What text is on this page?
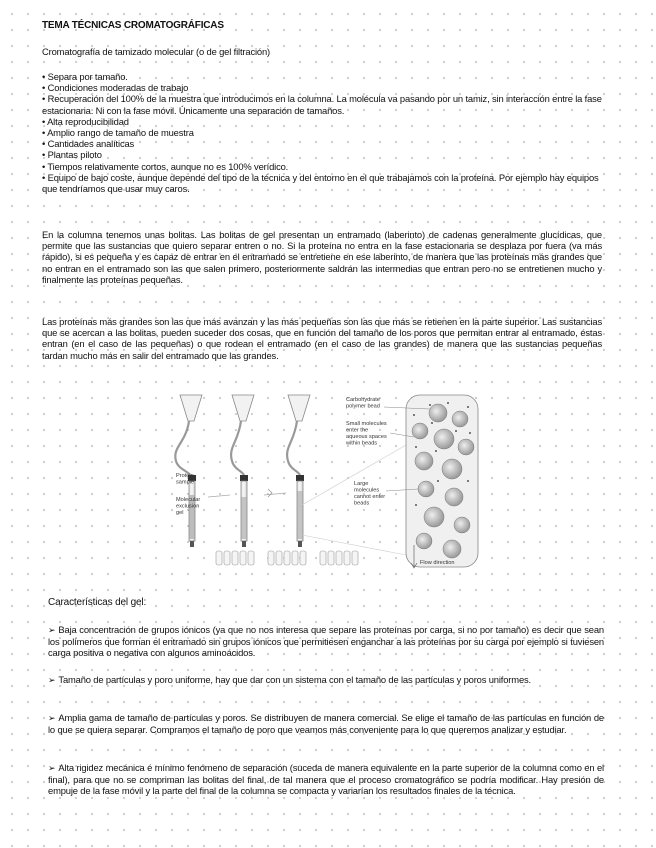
TEMA TÉCNICAS CROMATOGRÁFICAS
Cromatografía de tamizado molecular (o de gel filtración)
• Separa por tamaño.
• Condiciones moderadas de trabajo
• Recuperación del 100% de la muestra que introducimos en la columna. La molécula va pasando por un tamiz, sin interacción entre la fase estacionaria. Ni con la fase móvil. Únicamente una separación de tamaños.
• Alta reproducibilidad
• Amplio rango de tamaño de muestra
• Cantidades analíticas
• Plantas piloto
• Tiempos relativamente cortos, aunque no es 100% verídico.
• Equipo de bajo coste, aunque depende del tipo de la técnica y del entorno en el que trabajamos con la proteína. Por ejemplo hay equipos que tendríamos que usar muy caros.
En la columna tenemos unas bolitas. Las bolitas de gel presentan un entramado (laberinto) de cadenas generalmente glucídicas, que permite que las sustancias que quiero separar entren o no. Si la proteína no entra en la fase estacionaria se desplaza por fuera (va más rápido), si es pequeña y es capaz de entrar en el entramado se entretiene en ese laberinto, de manera que las proteínas más grandes que no entran en el entramado son las que salen primero, posteriormente saldrán las intermedias que entran pero no se entretienen mucho y finalmente las proteínas pequeñas.
Las proteínas más grandes son las que más avanzan y las más pequeñas son las que más se retienen en la parte superior. Las sustancias que se acercan a las bolitas, pueden suceder dos cosas, que en función del tamaño de los poros que permitan entrar al entramado, éstas entran (en el caso de las pequeñas) o que rodean el entramado (en el caso de las grandes) de manera que las sustancias pequeñas tardan mucho más en salir del entramado que las grandes.
Protein sample
Molecular exclusion gel
Carbohydrate polymer bead
Small molecules enter the aqueous spaces within beads
Large molecules cannot enter beads
Flow direction
Características del gel:
➢ Baja concentración de grupos iónicos (ya que no nos interesa que separe las proteínas por carga, si no por tamaño) es decir que sean los polímeros que forman el entramado sin grupos iónicos que permitiesen enganchar a las proteínas por su carga por ejemplo si tuviesen carga positiva o negativa con algunos aminoácidos.
➢ Tamaño de partículas y poro uniforme, hay que dar con un sistema con el tamaño de las partículas y poros uniformes.
➢ Amplia gama de tamaño de partículas y poros. Se distribuyen de manera comercial. Se elige el tamaño de las partículas en función de lo que se quiera separar. Compramos el tamaño de poro que veamos más conveniente para lo que queremos analizar y estudiar.
➢ Alta rigidez mecánica é mínimo fenómeno de separación (suceda de manera equivalente en la parte superior de la columna como en el final), para que no se compriman las bolitas del final, de tal manera que el proceso cromatográfico se podría modificar. Hay presión de empuje de la fase móvil y la parte del final de la columna se compacta y variarían los resultados finales de la técnica.
